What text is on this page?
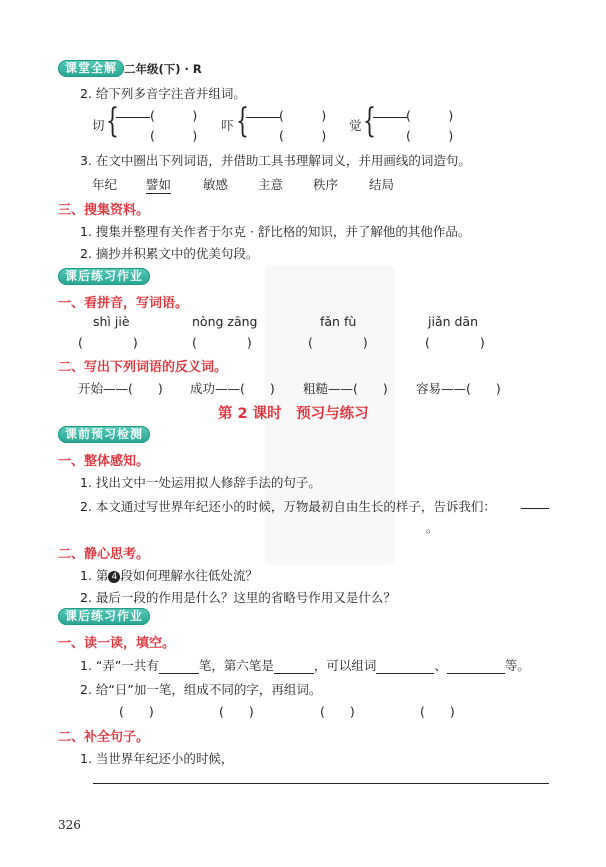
课堂全解 二年级(下) · R
2. 给下列多音字注音并组词。
切 { (　　　)
(　　　)
吓 { (　　　)
(　　　)
觉 { (　　　)
(　　　)
3. 在文中圈出下列词语，并借助工具书理解词义，并用画线的词造句。
年纪 譬如	敏感 主意 秩序 结局
三、搜集资料。
1. 搜集并整理有关作者于尔克 · 舒比格的知识，并了解他的其他作品。
2. 摘抄并积累文中的优美句段。
课后练习作业
一、看拼音，写词语。
shì jiè	nòng zāng	fǎn fù	jiǎn dān
(　　　　)	(　　　　)	(　　　　)	(　　　　)
二、写出下列词语的反义词。
开始——(　　) 成功——(　　) 粗糙——(　　) 容易——(　　)
第 2 课时　预习与练习
课前预习检测
一、整体感知。
1. 找出文中一处运用拟人修辞手法的句子。
2. 本文通过写世界年纪还小的时候，万物最初自由生长的样子，告诉我们：
。
二、静心思考。
1. 第 4 段如何理解水往低处流？
2. 最后一段的作用是什么？这里的省略号作用又是什么？
课后练习作业
一、读一读，填空。
1. “弄”一共有	笔，第六笔是	，可以组词	、	等。
2. 给“日”加一笔，组成不同的字，再组词。
(　　)	(　　)	(　　)	(　　)
二、补全句子。
1. 当世界年纪还小的时候，
326
